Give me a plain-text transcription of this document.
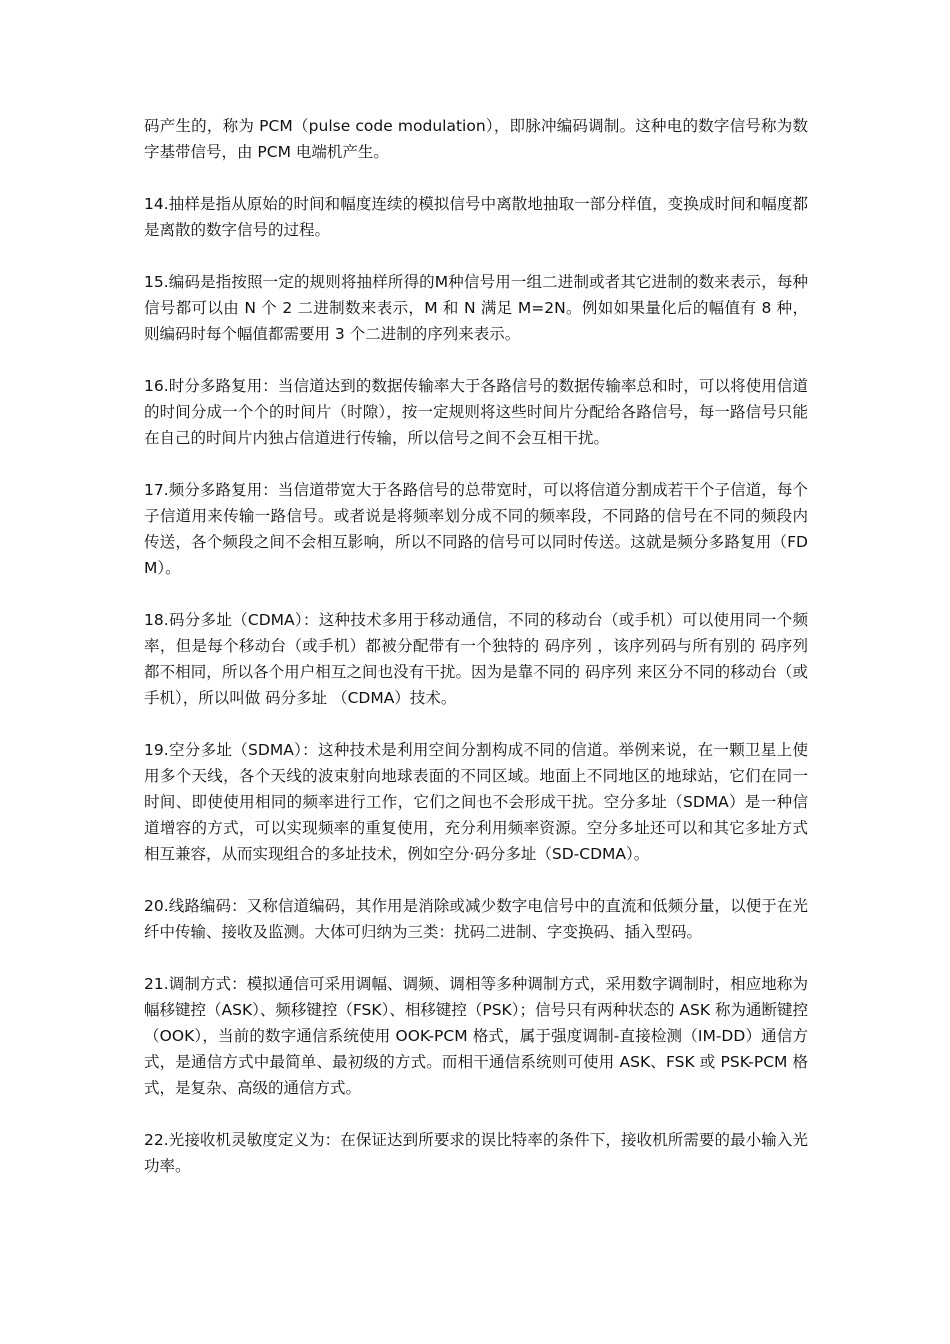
码产生的，称为 PCM（pulse code modulation），即脉冲编码调制。这种电的数字信号称为数字基带信号，由 PCM 电端机产生。

14.抽样是指从原始的时间和幅度连续的模拟信号中离散地抽取一部分样值，变换成时间和幅度都是离散的数字信号的过程。

15.编码是指按照一定的规则将抽样所得的M种信号用一组二进制或者其它进制的数来表示，每种信号都可以由 N 个 2 二进制数来表示，M 和 N 满足 M=2N。例如如果量化后的幅值有 8 种，则编码时每个幅值都需要用 3 个二进制的序列来表示。

16.时分多路复用：当信道达到的数据传输率大于各路信号的数据传输率总和时，可以将使用信道的时间分成一个个的时间片（时隙），按一定规则将这些时间片分配给各路信号，每一路信号只能在自己的时间片内独占信道进行传输，所以信号之间不会互相干扰。

17.频分多路复用：当信道带宽大于各路信号的总带宽时，可以将信道分割成若干个子信道，每个子信道用来传输一路信号。或者说是将频率划分成不同的频率段，不同路的信号在不同的频段内传送，各个频段之间不会相互影响，所以不同路的信号可以同时传送。这就是频分多路复用（FDM）。

18.码分多址（CDMA）：这种技术多用于移动通信，不同的移动台（或手机）可以使用同一个频率，但是每个移动台（或手机）都被分配带有一个独特的 码序列 ，该序列码与所有别的 码序列 都不相同，所以各个用户相互之间也没有干扰。因为是靠不同的 码序列 来区分不同的移动台（或手机），所以叫做 码分多址 （CDMA）技术。

19.空分多址（SDMA）：这种技术是利用空间分割构成不同的信道。举例来说，在一颗卫星上使用多个天线，各个天线的波束射向地球表面的不同区域。地面上不同地区的地球站，它们在同一时间、即使使用相同的频率进行工作，它们之间也不会形成干扰。空分多址（SDMA）是一种信道增容的方式，可以实现频率的重复使用，充分利用频率资源。空分多址还可以和其它多址方式相互兼容，从而实现组合的多址技术，例如空分·码分多址（SD-CDMA）。

20.线路编码：又称信道编码，其作用是消除或减少数字电信号中的直流和低频分量，以便于在光纤中传输、接收及监测。大体可归纳为三类：扰码二进制、字变换码、插入型码。

21.调制方式：模拟通信可采用调幅、调频、调相等多种调制方式，采用数字调制时，相应地称为幅移键控（ASK）、频移键控（FSK）、相移键控（PSK）；信号只有两种状态的 ASK 称为通断键控（OOK），当前的数字通信系统使用 OOK-PCM 格式，属于强度调制-直接检测（IM-DD）通信方式，是通信方式中最简单、最初级的方式。而相干通信系统则可使用 ASK、FSK 或 PSK-PCM 格式，是复杂、高级的通信方式。

22.光接收机灵敏度定义为：在保证达到所要求的误比特率的条件下，接收机所需要的最小输入光功率。
